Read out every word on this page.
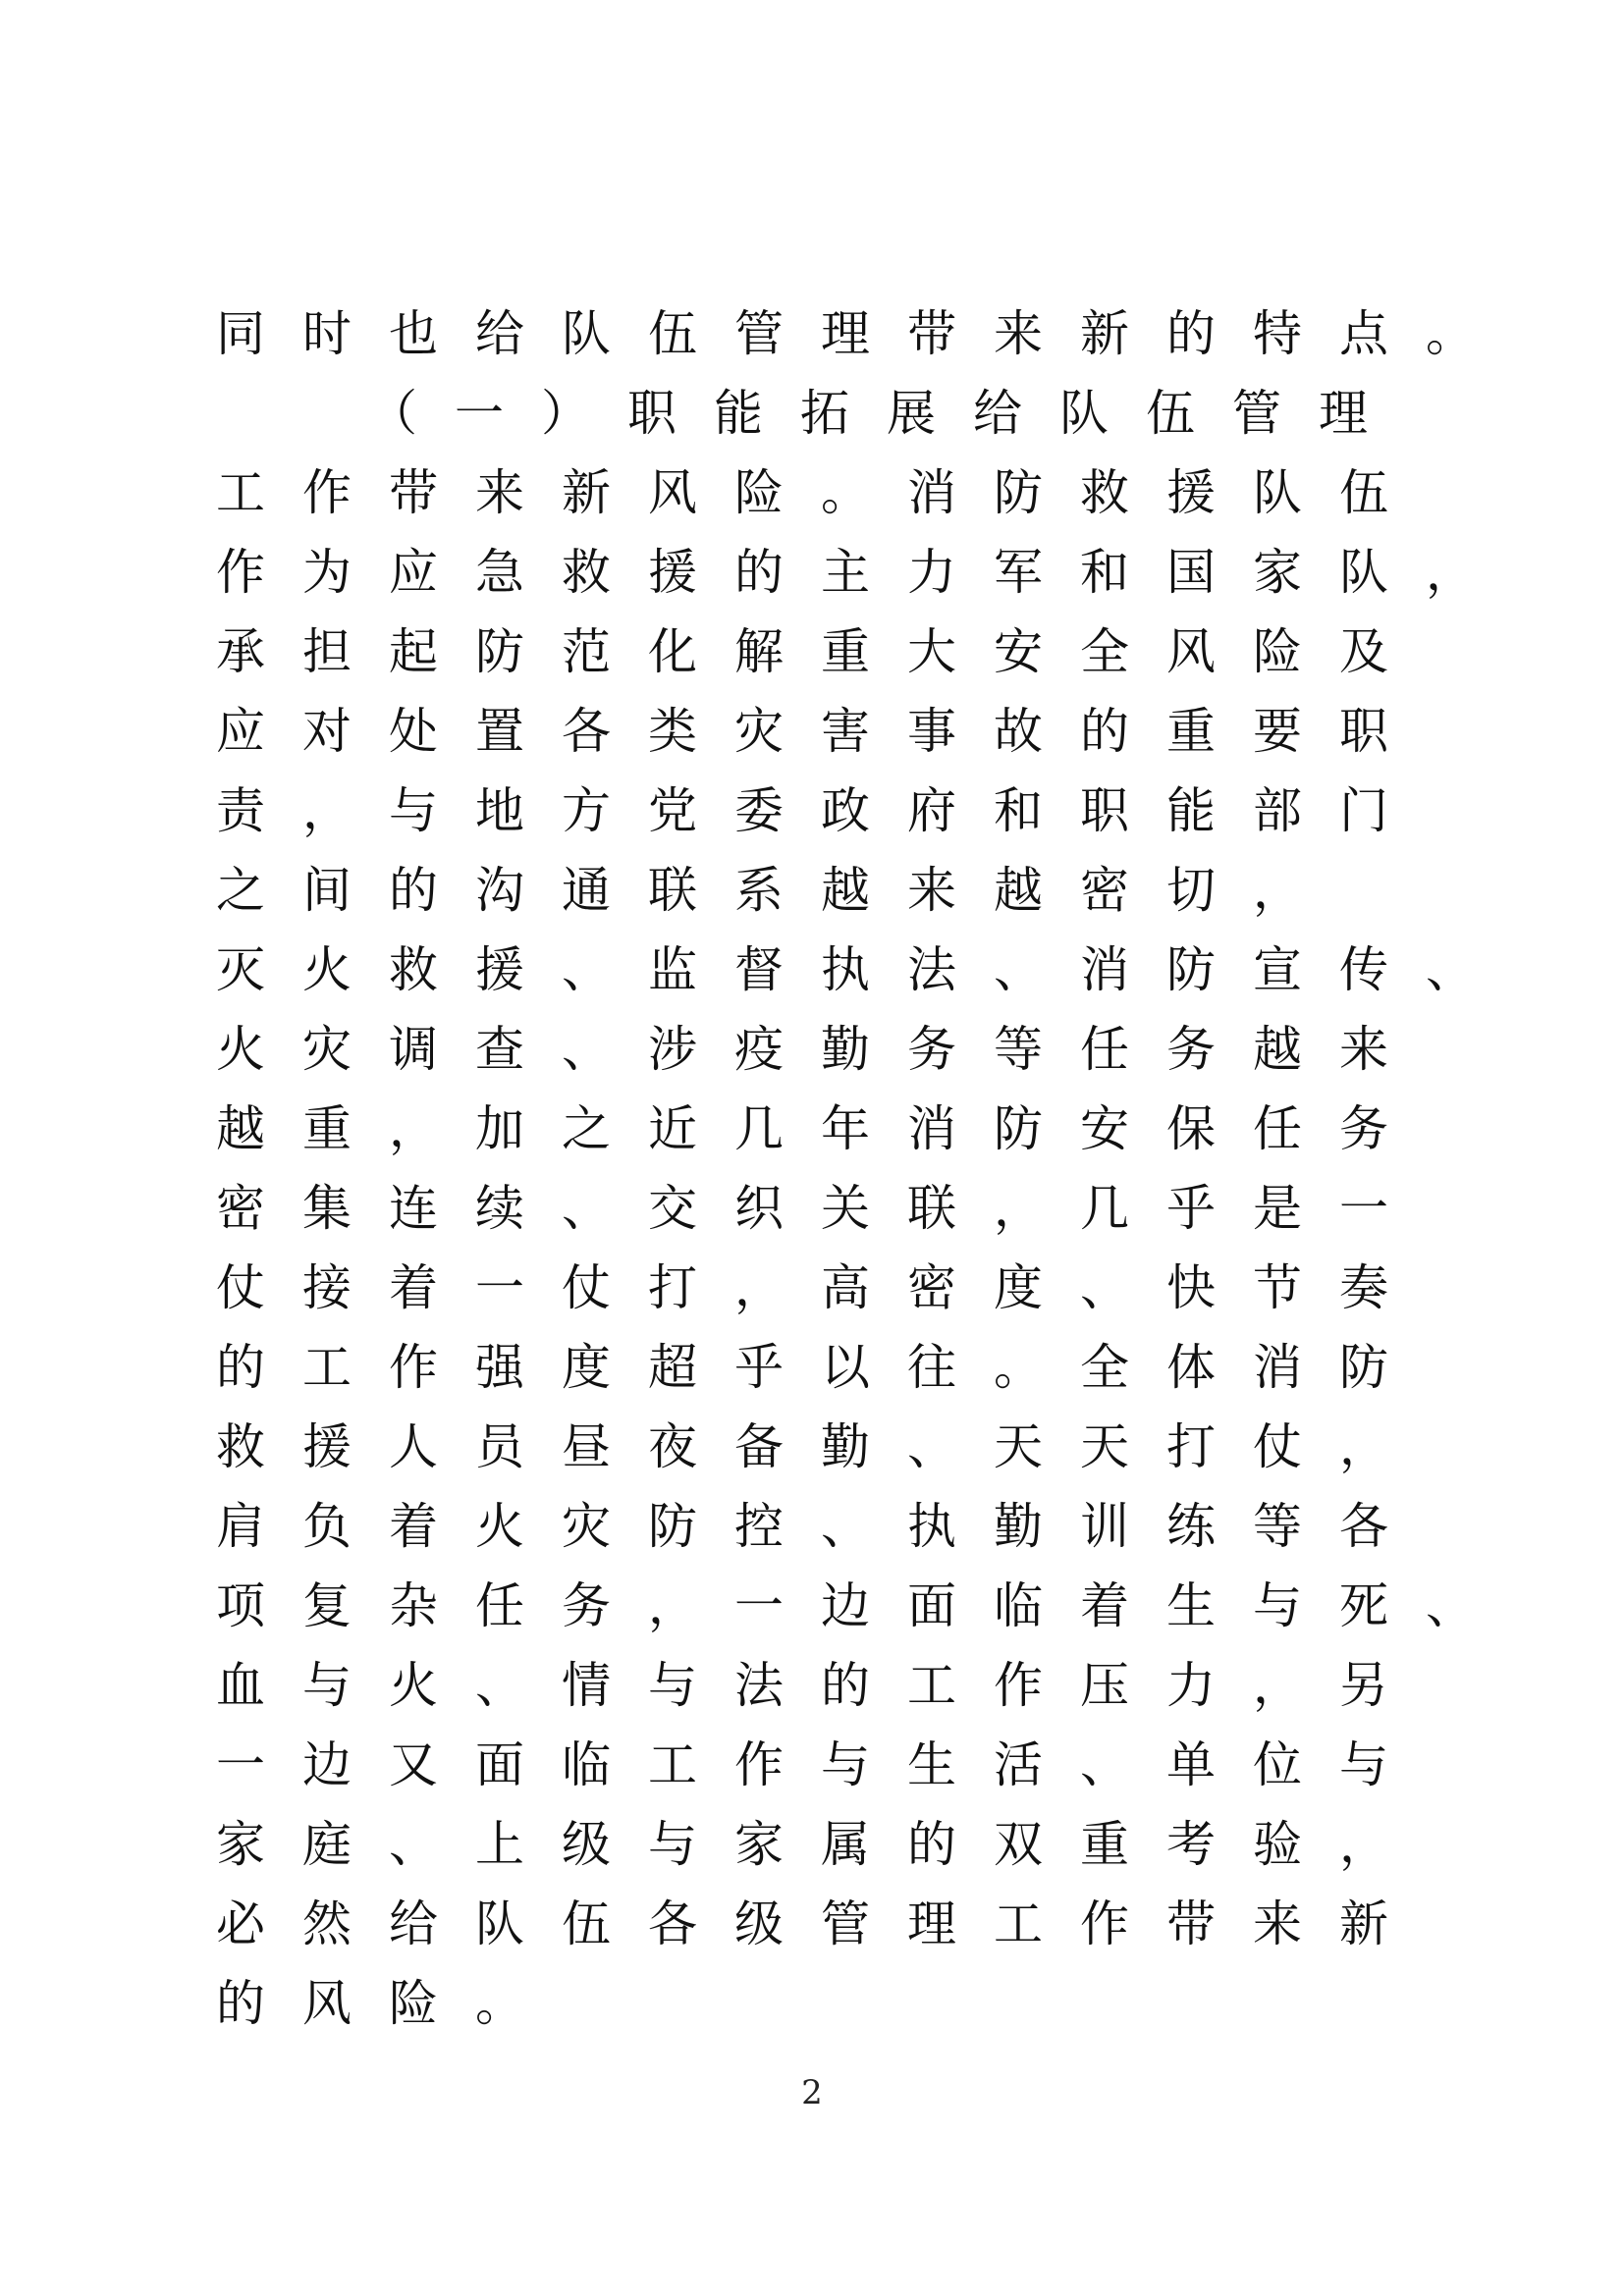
同时也给队伍管理带来新的特点。
（一）职能拓展给队伍管理
工作带来新风险。消防救援队伍
作为应急救援的主力军和国家队，
承担起防范化解重大安全风险及
应对处置各类灾害事故的重要职
责，与地方党委政府和职能部门
之间的沟通联系越来越密切，
灭火救援、监督执法、消防宣传、
火灾调查、涉疫勤务等任务越来
越重，加之近几年消防安保任务
密集连续、交织关联，几乎是一
仗接着一仗打，高密度、快节奏
的工作强度超乎以往。全体消防
救援人员昼夜备勤、天天打仗，
肩负着火灾防控、执勤训练等各
项复杂任务，一边面临着生与死、
血与火、情与法的工作压力，另
一边又面临工作与生活、单位与
家庭、上级与家属的双重考验，
必然给队伍各级管理工作带来新
的风险。
2
